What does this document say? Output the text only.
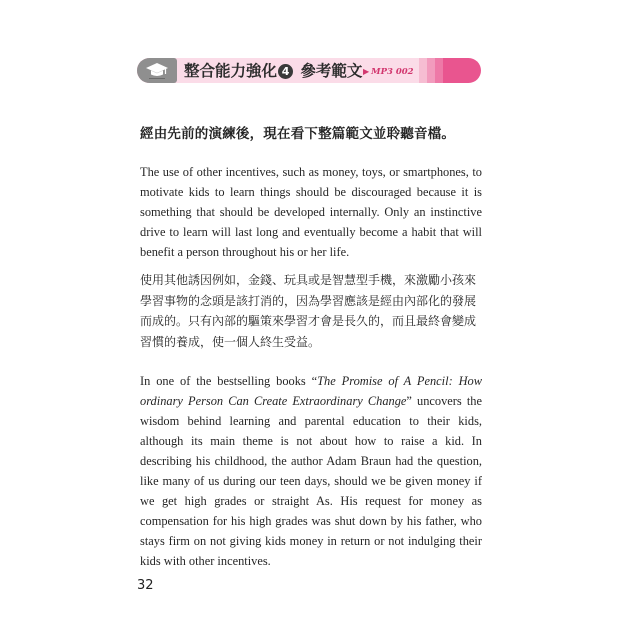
整合能力強化 4 參考範文 ▶ MP3 002
經由先前的演練後，現在看下整篇範文並聆聽音檔。

The use of other incentives, such as money, toys, or smartphones, to motivate kids to learn things should be discouraged because it is something that should be developed internally. Only an instinctive drive to learn will last long and eventually become a habit that will benefit a person throughout his or her life.

使用其他誘因例如，金錢、玩具或是智慧型手機，來激勵小孩來學習事物的念頭是該打消的，因為學習應該是經由內部化的發展而成的。只有內部的驅策來學習才會是長久的，而且最終會變成習慣的養成，使一個人終生受益。

In one of the bestselling books “The Promise of A Pencil: How ordinary Person Can Create Extraordinary Change” uncovers the wisdom behind learning and parental education to their kids, although its main theme is not about how to raise a kid. In describing his childhood, the author Adam Braun had the question, like many of us during our teen days, should we be given money if we get high grades or straight As. His request for money as compensation for his high grades was shut down by his father, who stays firm on not giving kids money in return or not indulging their kids with other incentives.

32
